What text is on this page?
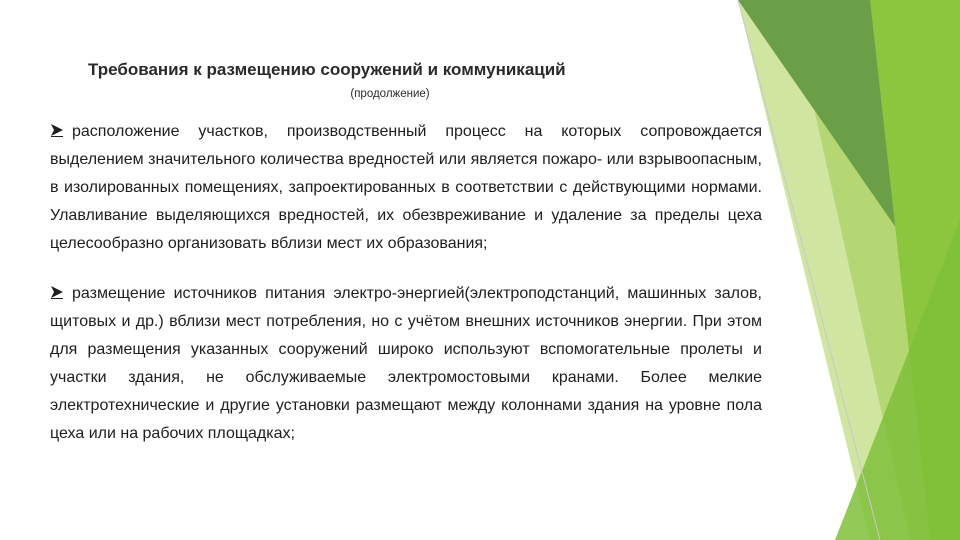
Требования к размещению сооружений и коммуникаций
(продолжение)

расположение участков, производственный процесс на которых сопровождается выделением значительного количества вредностей или является пожаро- или взрывоопасным, в изолированных помещениях, запроектированных в соответствии с действующими нормами. Улавливание выделяющихся вредностей, их обезвреживание и удаление за пределы цеха целесообразно организовать вблизи мест их образования;

размещение источников питания электро-энергией(электроподстанций, машинных залов, щитовых и др.) вблизи мест потребления, но с учётом внешних источников энергии. При этом для размещения указанных сооружений широко используют вспомогательные пролеты и участки здания, не обслуживаемые электромостовыми кранами. Более мелкие электротехнические и другие установки размещают между колоннами здания на уровне пола цеха или на рабочих площадках;
